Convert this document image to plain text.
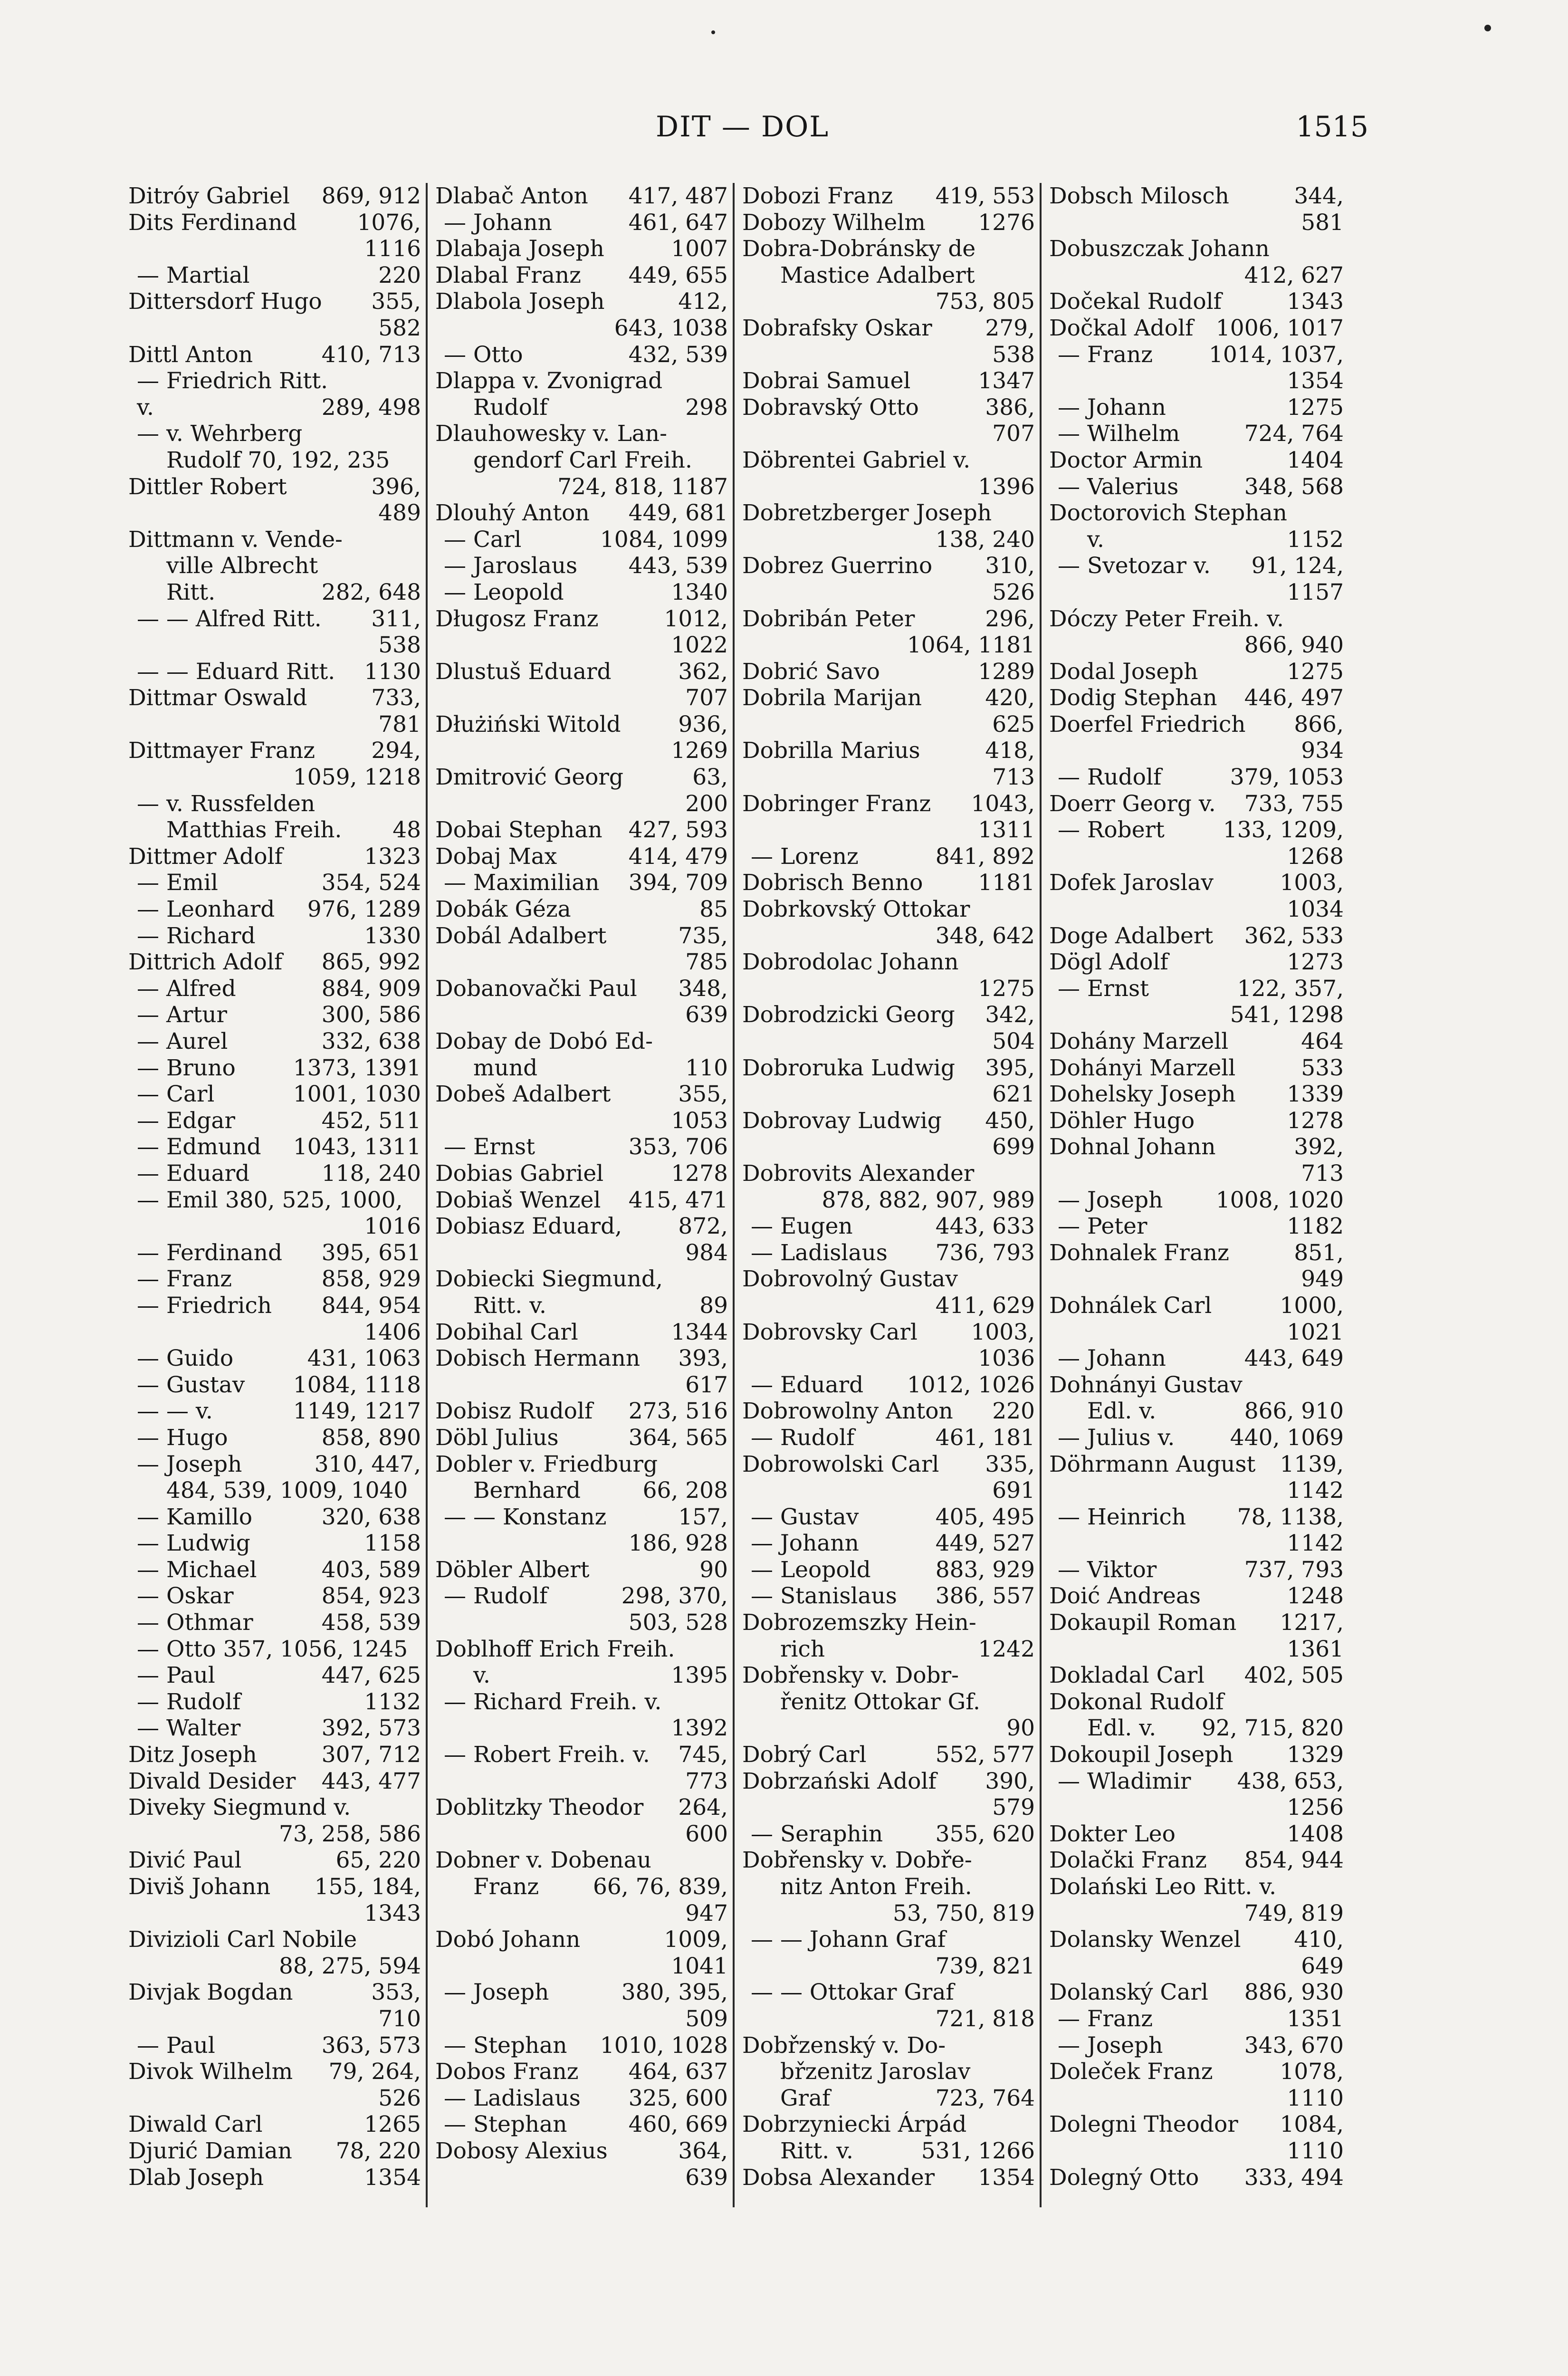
DIT — DOL	1515
Ditróy Gabriel 869, 912
Dits Ferdinand	1076,
1116
— Martial	220
Dittersdorf Hugo 355,
582
Dittl Anton	410, 713
— Friedrich Ritt.
v.	289, 498
— v. Wehrberg
Rudolf 70, 192, 235
Dittler Robert	396,
489
Dittmann v. Vende-
ville Albrecht
Ritt.	282, 648
— — Alfred Ritt. 311,
538
— — Eduard Ritt. 1130
Dittmar Oswald	733,
781
Dittmayer Franz	294,
1059, 1218
— v. Russfelden
Matthias Freih. 48
Dittmer Adolf	1323
— Emil	354, 524
— Leonhard 976, 1289
— Richard	1330
Dittrich Adolf 865, 992
— Alfred	884, 909
— Artur	300, 586
— Aurel	332, 638
— Bruno	1373, 1391
— Carl	1001, 1030
— Edgar	452, 511
— Edmund 1043, 1311
— Eduard	118, 240
— Emil 380, 525, 1000,
1016
— Ferdinand 395, 651
— Franz	858, 929
— Friedrich 844, 954
1406
— Guido	431, 1063
— Gustav 1084, 1118
— — v.	1149, 1217
— Hugo	858, 890
— Joseph	310, 447,
484, 539, 1009, 1040
— Kamillo	320, 638
— Ludwig	1158
— Michael	403, 589
— Oskar	854, 923
— Othmar	458, 539
— Otto 357, 1056, 1245
— Paul	447, 625
— Rudolf	1132
— Walter	392, 573
Ditz Joseph	307, 712
Divald Desider 443, 477
Diveky Siegmund v.
73, 258, 586
Divić Paul	65, 220
Diviš Johann 155, 184,
1343
Divizioli Carl Nobile
88, 275, 594
Divjak Bogdan	353,
710
— Paul	363, 573
Divok Wilhelm 79, 264,
526
Diwald Carl	1265
Djurić Damian 78, 220
Dlab Joseph	1354
Dlabač Anton 417, 487
— Johann	461, 647
Dlabaja Joseph	1007
Dlabal Franz 449, 655
Dlabola Joseph	412,
643, 1038
— Otto	432, 539
Dlappa v. Zvonigrad
Rudolf	298
Dlauhowesky v. Lan-
gendorf Carl Freih.
724, 818, 1187
Dlouhý Anton 449, 681
— Carl	1084, 1099
— Jaroslaus 443, 539
— Leopold	1340
Długosz Franz	1012,
1022
Dlustuš Eduard	362,
707
Dłużiński Witold	936,
1269
Dmitrović Georg	63,
200
Dobai Stephan 427, 593
Dobaj Max	414, 479
— Maximilian 394, 709
Dobák Géza	85
Dobál Adalbert	735,
785
Dobanovački Paul 348,
639
Dobay de Dobó Ed-
mund	110
Dobeš Adalbert	355,
1053
— Ernst	353, 706
Dobias Gabriel	1278
Dobiaš Wenzel 415, 471
Dobiasz Eduard,	872,
984
Dobiecki Siegmund,
Ritt. v.	89
Dobihal Carl	1344
Dobisch Hermann 393,
617
Dobisz Rudolf 273, 516
Döbl Julius	364, 565
Dobler v. Friedburg
Bernhard	66, 208
— — Konstanz	157,
186, 928
Döbler Albert	90
— Rudolf	298, 370,
503, 528
Doblhoff Erich Freih.
v.	1395
— Richard Freih. v.
1392
— Robert Freih. v. 745,
773
Doblitzky Theodor 264,
600
Dobner v. Dobenau
Franz 66, 76, 839,
947
Dobó Johann	1009,
1041
— Joseph	380, 395,
509
— Stephan 1010, 1028
Dobos Franz 464, 637
— Ladislaus 325, 600
— Stephan	460, 669
Dobosy Alexius	364,
639
Dobozi Franz 419, 553
Dobozy Wilhelm 1276
Dobra-Dobránsky de
Mastice Adalbert
753, 805
Dobrafsky Oskar 279,
538
Dobrai Samuel	1347
Dobravský Otto	386,
707
Döbrentei Gabriel v.
1396
Dobretzberger Joseph
138, 240
Dobrez Guerrino 310,
526
Dobribán Peter	296,
1064, 1181
Dobrić Savo	1289
Dobrila Marijan	420,
625
Dobrilla Marius	418,
713
Dobringer Franz 1043,
1311
— Lorenz	841, 892
Dobrisch Benno 1181
Dobrkovský Ottokar
348, 642
Dobrodolac Johann
1275
Dobrodzicki Georg 342,
504
Dobroruka Ludwig 395,
621
Dobrovay Ludwig 450,
699
Dobrovits Alexander
878, 882, 907, 989
— Eugen	443, 633
— Ladislaus 736, 793
Dobrovolný Gustav
411, 629
Dobrovsky Carl 1003,
1036
— Eduard 1012, 1026
Dobrowolny Anton 220
— Rudolf	461, 181
Dobrowolski Carl 335,
691
— Gustav	405, 495
— Johann	449, 527
— Leopold	883, 929
— Stanislaus 386, 557
Dobrozemszky Hein-
rich	1242
Dobřensky v. Dobr-
řenitz Ottokar Gf.
90
Dobrý Carl	552, 577
Dobrzański Adolf 390,
579
— Seraphin 355, 620
Dobřensky v. Dobře-
nitz Anton Freih.
53, 750, 819
— — Johann Graf
739, 821
— — Ottokar Graf
721, 818
Dobřzenský v. Do-
břzenitz Jaroslav
Graf	723, 764
Dobrzyniecki Árpád
Ritt. v.	531, 1266
Dobsa Alexander 1354
Dobsch Milosch	344,
581
Dobuszczak Johann
412, 627
Dočekal Rudolf	1343
Dočkal Adolf 1006, 1017
— Franz	1014, 1037,
1354
— Johann	1275
— Wilhelm	724, 764
Doctor Armin	1404
— Valerius	348, 568
Doctorovich Stephan
v.	1152
— Svetozar v. 91, 124,
1157
Dóczy Peter Freih. v.
866, 940
Dodal Joseph	1275
Dodig Stephan 446, 497
Doerfel Friedrich 866,
934
— Rudolf	379, 1053
Doerr Georg v. 733, 755
— Robert	133, 1209,
1268
Dofek Jaroslav	1003,
1034
Doge Adalbert 362, 533
Dögl Adolf	1273
— Ernst	122, 357,
541, 1298
Dohány Marzell	464
Dohányi Marzell	533
Dohelsky Joseph 1339
Döhler Hugo	1278
Dohnal Johann	392,
713
— Joseph 1008, 1020
— Peter	1182
Dohnalek Franz	851,
949
Dohnálek Carl	1000,
1021
— Johann	443, 649
Dohnányi Gustav
Edl. v.	866, 910
— Julius v. 440, 1069
Döhrmann August 1139,
1142
— Heinrich 78, 1138,
1142
— Viktor	737, 793
Doić Andreas	1248
Dokaupil Roman 1217,
1361
Dokladal Carl 402, 505
Dokonal Rudolf
Edl. v. 92, 715, 820
Dokoupil Joseph 1329
— Wladimir 438, 653,
1256
Dokter Leo	1408
Dolački Franz 854, 944
Dolański Leo Ritt. v.
749, 819
Dolansky Wenzel 410,
649
Dolanský Carl 886, 930
— Franz	1351
— Joseph	343, 670
Doleček Franz	1078,
1110
Dolegni Theodor 1084,
1110
Dolegný Otto 333, 494
